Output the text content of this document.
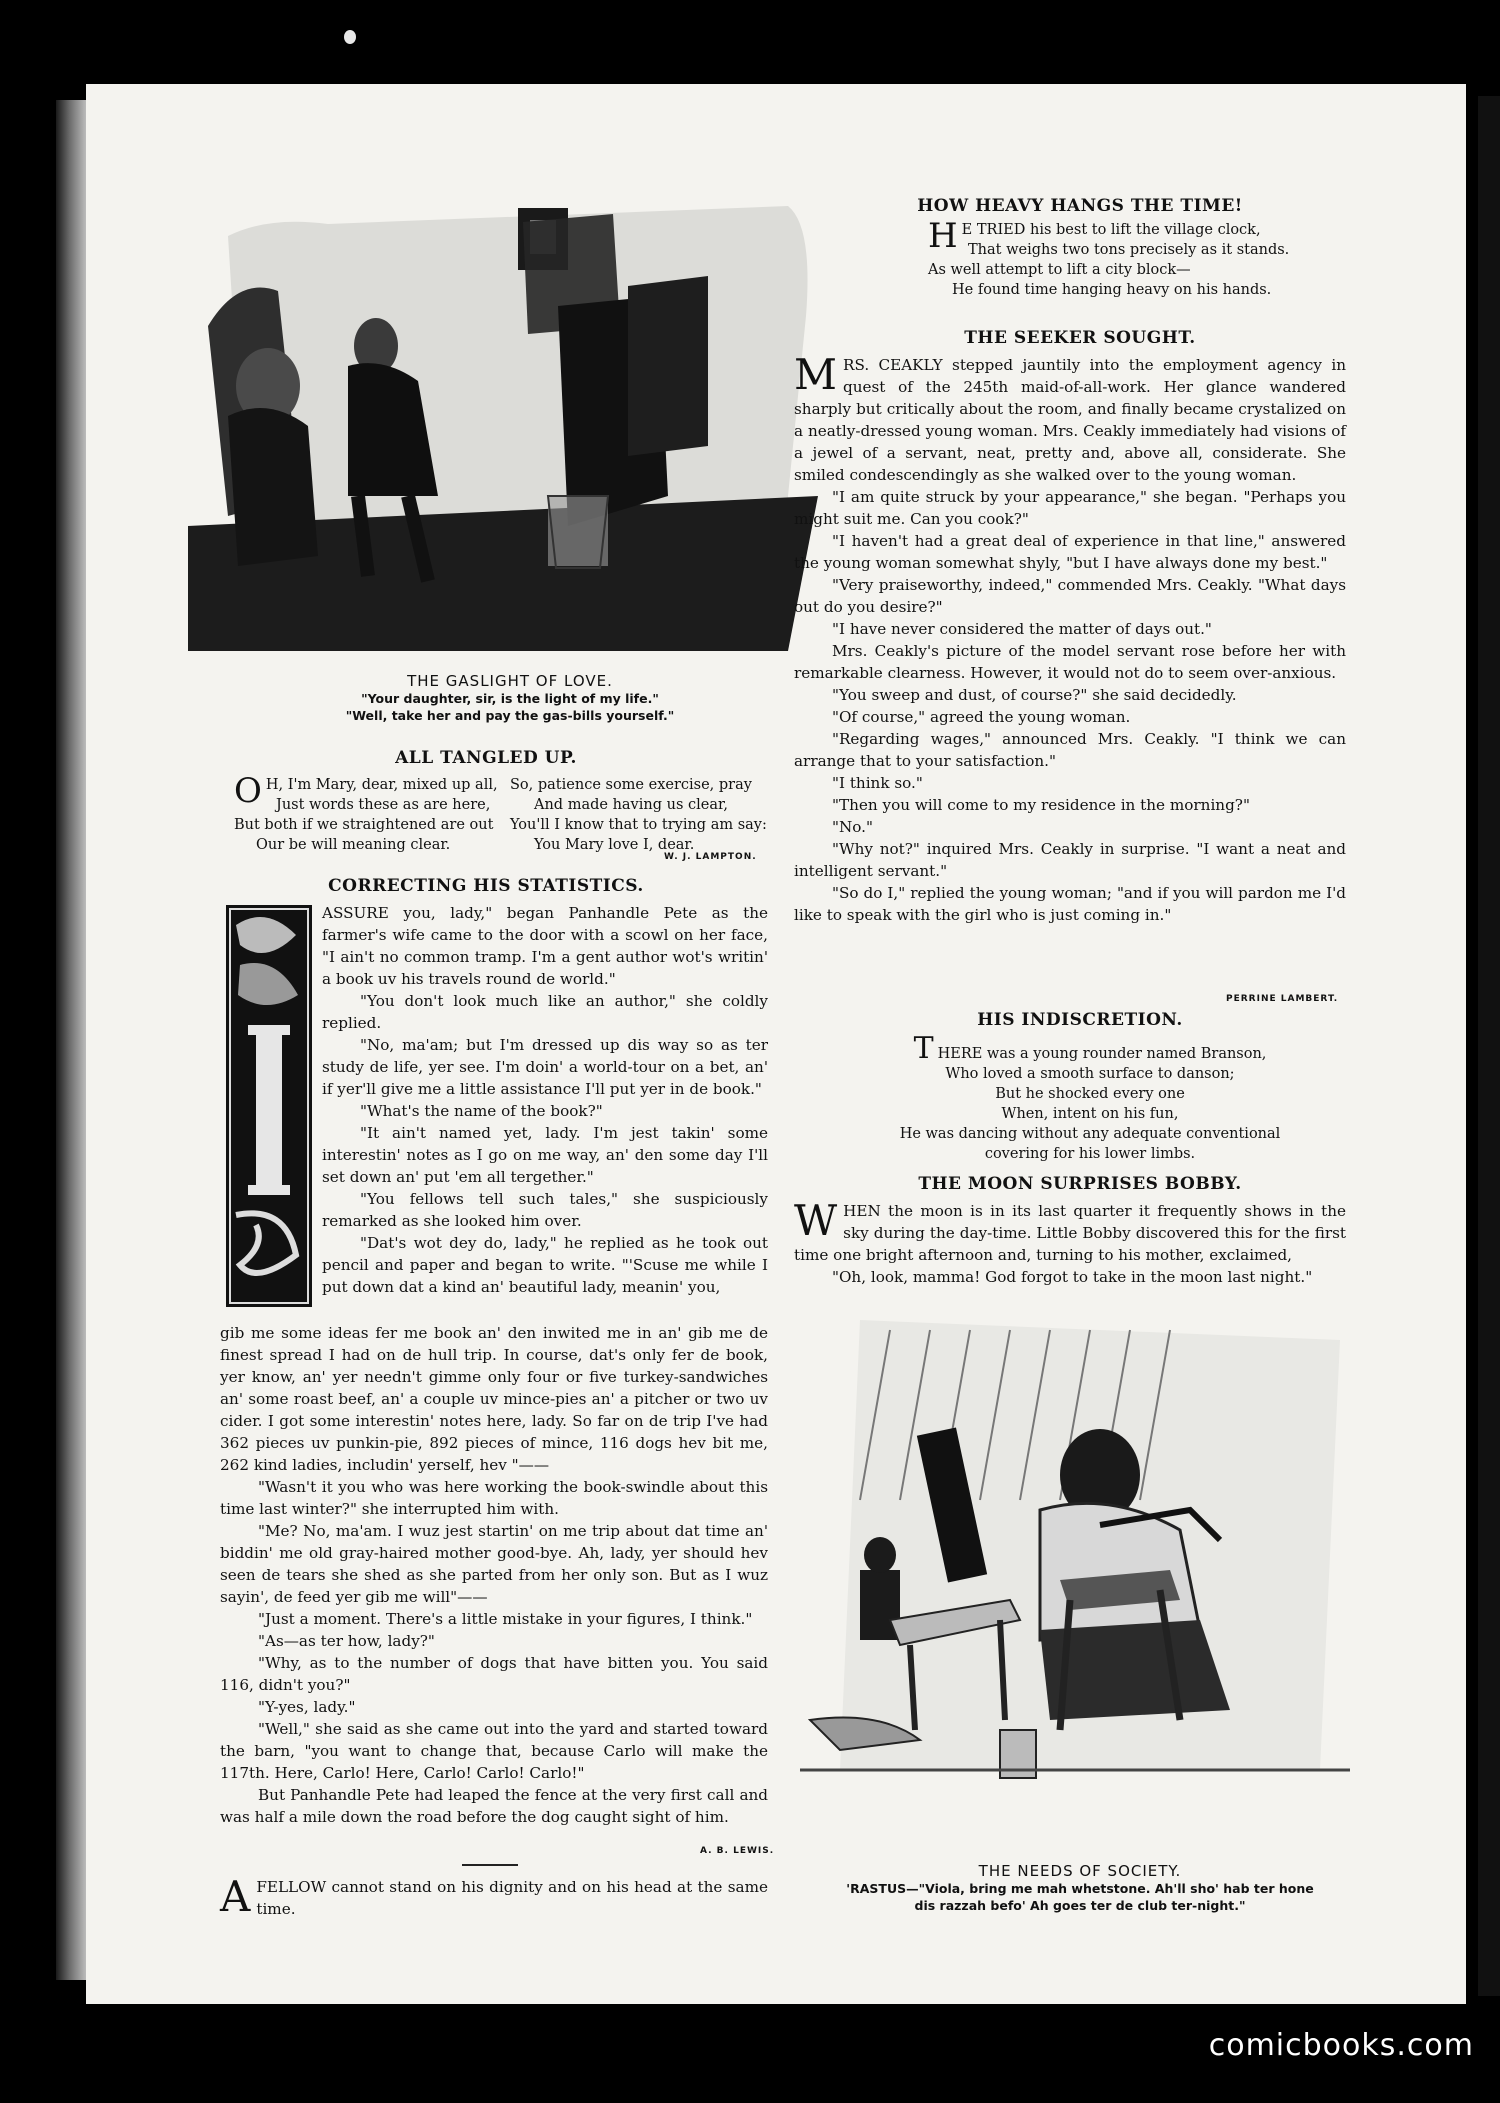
THE GASLIGHT OF LOVE.
"Your daughter, sir, is the light of my life."
"Well, take her and pay the gas-bills yourself."
ALL TANGLED UP.
O H, I'm Mary, dear, mixed up all,
Just words these as are here,
But both if we straightened are out
Our be will meaning clear.
So, patience some exercise, pray
And made having us clear,
You'll I know that to trying am say:
You Mary love I, dear.
W. J. LAMPTON.
CORRECTING HIS STATISTICS.

ASSURE you, lady," began Panhandle Pete as the farmer's wife came to the door with a scowl on her face, "I ain't no common tramp. I'm a gent author wot's writin' a book uv his travels round de world."

"You don't look much like an author," she coldly replied.

"No, ma'am; but I'm dressed up dis way so as ter study de life, yer see. I'm doin' a world-tour on a bet, an' if yer'll give me a little assistance I'll put yer in de book."

"What's the name of the book?"

"It ain't named yet, lady. I'm jest takin' some interestin' notes as I go on me way, an' den some day I'll set down an' put 'em all tergether."

"You fellows tell such tales," she suspiciously remarked as she looked him over.

"Dat's wot dey do, lady," he replied as he took out pencil and paper and began to write. "'Scuse me while I put down dat a kind an' beautiful lady, meanin' you,

gib me some ideas fer me book an' den inwited me in an' gib me de finest spread I had on de hull trip. In course, dat's only fer de book, yer know, an' yer needn't gimme only four or five turkey-sandwiches an' some roast beef, an' a couple uv mince-pies an' a pitcher or two uv cider. I got some interestin' notes here, lady. So far on de trip I've had 362 pieces uv punkin-pie, 892 pieces of mince, 116 dogs hev bit me, 262 kind ladies, includin' yerself, hev "——

"Wasn't it you who was here working the book-swindle about this time last winter?" she interrupted him with.

"Me? No, ma'am. I wuz jest startin' on me trip about dat time an' biddin' me old gray-haired mother good-bye. Ah, lady, yer should hev seen de tears she shed as she parted from her only son. But as I wuz sayin', de feed yer gib me will"——

"Just a moment. There's a little mistake in your figures, I think."

"As—as ter how, lady?"

"Why, as to the number of dogs that have bitten you. You said 116, didn't you?"

"Y-yes, lady."

"Well," she said as she came out into the yard and started toward the barn, "you want to change that, because Carlo will make the 117th. Here, Carlo! Here, Carlo! Carlo! Carlo!"

But Panhandle Pete had leaped the fence at the very first call and was half a mile down the road before the dog caught sight of him.

A. B. LEWIS.

AFELLOW cannot stand on his dignity and on his head at the same time.

HOW HEAVY HANGS THE TIME!
H E TRIED his best to lift the village clock,
That weighs two tons precisely as it stands.
As well attempt to lift a city block—
He found time hanging heavy on his hands.
THE SEEKER SOUGHT.

MRS. CEAKLY stepped jauntily into the employment agency in quest of the 245th maid-of-all-work. Her glance wandered sharply but critically about the room, and finally became crystalized on a neatly-dressed young woman. Mrs. Ceakly immediately had visions of a jewel of a servant, neat, pretty and, above all, considerate. She smiled condescendingly as she walked over to the young woman.

"I am quite struck by your appearance," she began. "Perhaps you might suit me. Can you cook?"

"I haven't had a great deal of experience in that line," answered the young woman somewhat shyly, "but I have always done my best."

"Very praiseworthy, indeed," commended Mrs. Ceakly. "What days out do you desire?"

"I have never considered the matter of days out."

Mrs. Ceakly's picture of the model servant rose before her with remarkable clearness. However, it would not do to seem over-anxious.

"You sweep and dust, of course?" she said decidedly.

"Of course," agreed the young woman.

"Regarding wages," announced Mrs. Ceakly. "I think we can arrange that to your satisfaction."

"I think so."

"Then you will come to my residence in the morning?"

"No."

"Why not?" inquired Mrs. Ceakly in surprise. "I want a neat and intelligent servant."

"So do I," replied the young woman; "and if you will pardon me I'd like to speak with the girl who is just coming in."

PERRINE LAMBERT.
HIS INDISCRETION.
THERE was a young rounder named Branson,
Who loved a smooth surface to danson;
But he shocked every one
When, intent on his fun,
He was dancing without any adequate conventional
covering for his lower limbs.
THE MOON SURPRISES BOBBY.

WHEN the moon is in its last quarter it frequently shows in the sky during the day-time. Little Bobby discovered this for the first time one bright afternoon and, turning to his mother, exclaimed,

"Oh, look, mamma! God forgot to take in the moon last night."

THE NEEDS OF SOCIETY.
'RASTUS—"Viola, bring me mah whetstone. Ah'll sho' hab ter hone
dis razzah befo' Ah goes ter de club ter-night."
comicbooks.com
